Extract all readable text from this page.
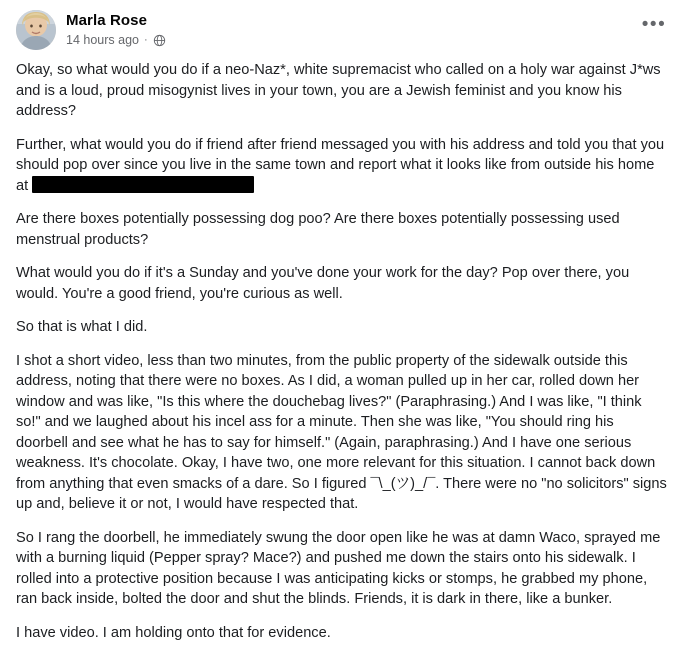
Marla Rose
14 hours ago ·
•••

Okay, so what would you do if a neo-Naz*, white supremacist who called on a holy war against J*ws and is a loud, proud misogynist lives in your town, you are a Jewish feminist and you know his address?

Further, what would you do if friend after friend messaged you with his address and told you that you should pop over since you live in the same town and report what it looks like from outside his home at

Are there boxes potentially possessing dog poo? Are there boxes potentially possessing used menstrual products?

What would you do if it's a Sunday and you've done your work for the day? Pop over there, you would. You're a good friend, you're curious as well.

So that is what I did.

I shot a short video, less than two minutes, from the public property of the sidewalk outside this address, noting that there were no boxes. As I did, a woman pulled up in her car, rolled down her window and was like, "Is this where the douchebag lives?" (Paraphrasing.) And I was like, "I think so!" and we laughed about his incel ass for a minute. Then she was like, "You should ring his doorbell and see what he has to say for himself." (Again, paraphrasing.) And I have one serious weakness. It's chocolate. Okay, I have two, one more relevant for this situation. I cannot back down from anything that even smacks of a dare. So I figured ¯\_(ツ)_/¯. There were no "no solicitors" signs up and, believe it or not, I would have respected that.

So I rang the doorbell, he immediately swung the door open like he was at damn Waco, sprayed me with a burning liquid (Pepper spray? Mace?) and pushed me down the stairs onto his sidewalk. I rolled into a protective position because I was anticipating kicks or stomps, he grabbed my phone, ran back inside, bolted the door and shut the blinds. Friends, it is dark in there, like a bunker.

I have video. I am holding onto that for evidence.
